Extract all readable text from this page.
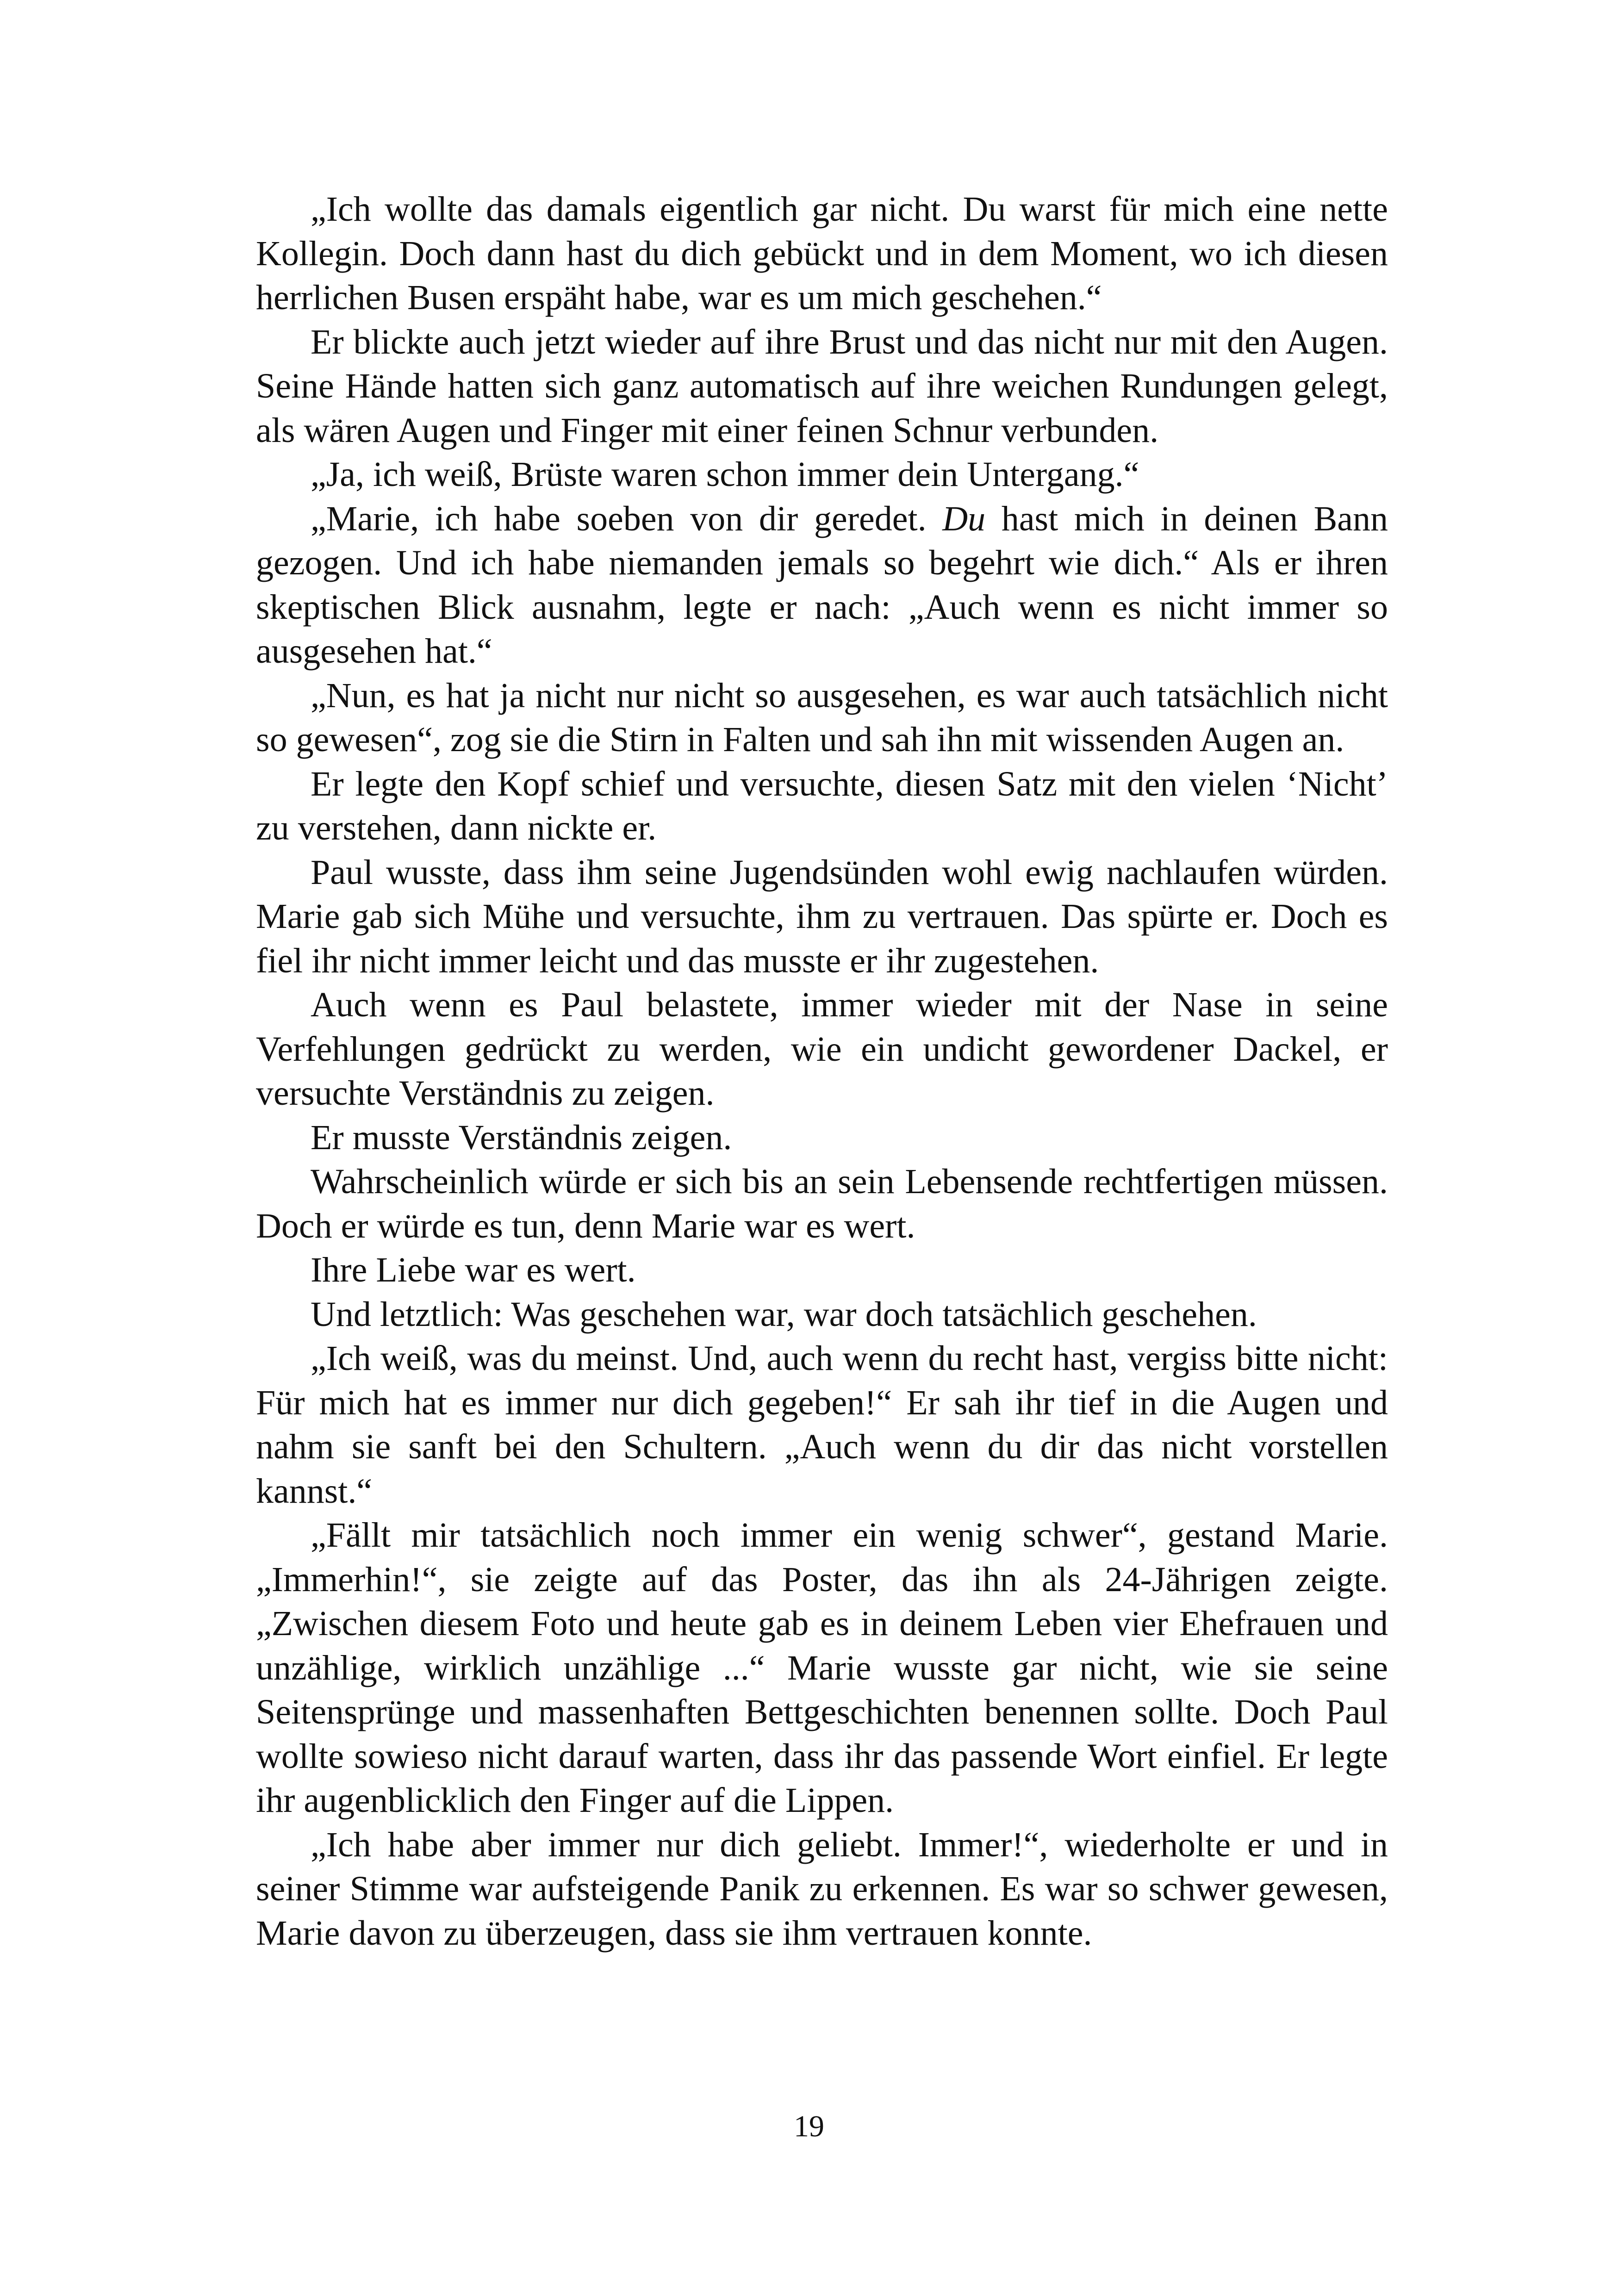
„Ich wollte das damals eigentlich gar nicht. Du warst für mich eine nette Kollegin. Doch dann hast du dich gebückt und in dem Moment, wo ich diesen herrlichen Busen erspäht habe, war es um mich geschehen.“

Er blickte auch jetzt wieder auf ihre Brust und das nicht nur mit den Augen. Seine Hände hatten sich ganz automatisch auf ihre weichen Rundungen gelegt, als wären Augen und Finger mit einer feinen Schnur verbunden.

„Ja, ich weiß, Brüste waren schon immer dein Untergang.“

„Marie, ich habe soeben von dir geredet. Du hast mich in deinen Bann gezogen. Und ich habe niemanden jemals so begehrt wie dich.“ Als er ihren skeptischen Blick ausnahm, legte er nach: „Auch wenn es nicht immer so ausgesehen hat.“

„Nun, es hat ja nicht nur nicht so ausgesehen, es war auch tatsächlich nicht so gewesen“, zog sie die Stirn in Falten und sah ihn mit wissenden Augen an.

Er legte den Kopf schief und versuchte, diesen Satz mit den vielen ‘Nicht’ zu verstehen, dann nickte er.

Paul wusste, dass ihm seine Jugendsünden wohl ewig nachlaufen würden. Marie gab sich Mühe und versuchte, ihm zu vertrauen. Das spürte er. Doch es fiel ihr nicht immer leicht und das musste er ihr zugestehen.

Auch wenn es Paul belastete, immer wieder mit der Nase in seine Verfehlungen gedrückt zu werden, wie ein undicht gewordener Dackel, er versuchte Verständnis zu zeigen.

Er musste Verständnis zeigen.

Wahrscheinlich würde er sich bis an sein Lebensende rechtfertigen müssen. Doch er würde es tun, denn Marie war es wert.

Ihre Liebe war es wert.

Und letztlich: Was geschehen war, war doch tatsächlich geschehen.

„Ich weiß, was du meinst. Und, auch wenn du recht hast, vergiss bitte nicht: Für mich hat es immer nur dich gegeben!“ Er sah ihr tief in die Augen und nahm sie sanft bei den Schultern. „Auch wenn du dir das nicht vorstellen kannst.“

„Fällt mir tatsächlich noch immer ein wenig schwer“, gestand Marie. „Immerhin!“, sie zeigte auf das Poster, das ihn als 24-Jährigen zeigte. „Zwischen diesem Foto und heute gab es in deinem Leben vier Ehefrauen und unzählige, wirklich unzählige ...“ Marie wusste gar nicht, wie sie seine Seitensprünge und massenhaften Bettgeschichten benennen sollte. Doch Paul wollte sowieso nicht darauf warten, dass ihr das passende Wort einfiel. Er legte ihr augenblicklich den Finger auf die Lippen.

„Ich habe aber immer nur dich geliebt. Immer!“, wiederholte er und in seiner Stimme war aufsteigende Panik zu erkennen. Es war so schwer gewesen, Marie davon zu überzeugen, dass sie ihm vertrauen konnte.

19
